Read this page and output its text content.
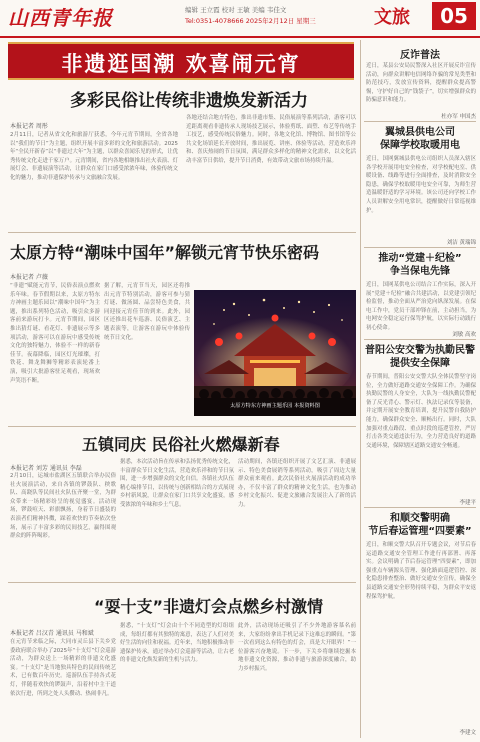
山西青年报	编辑 王立霞 校对 王敏 美编 韦佳文
Tel:0351-4078666 2025年2月12日 星期三	文旅	05
非遗逛国潮 欢喜闹元宵
多彩民俗让传统非遗焕发新活力
本报记者 周彤
2月11日，记者从省文化和旅游厅获悉，今年元宵节期间，全省各地以“我们的节日”为主题，组织开展丰富多彩的文化和旅游活动。2025年“全民开新春”以“非遗过大年”为主题，以群众喜闻乐见的形式，让优秀传统文化走进千家万户。元宵期间，省内各地相继推出社火表演、灯展灯会、非遗展演等活动，让群众在家门口感受浓浓年味，体验传统文化的魅力，推动非遗保护传承与文旅融合发展。
各地还结合地方特色，推出非遗市集、民俗展演等系列活动，游客可以近距离观看非遗传承人现场技艺展示，体验剪纸、面塑、布艺等传统手工技艺，感受传统民俗魅力。同时，各地文化馆、博物馆、图书馆等公共文化场馆延长开放时间，推出展览、讲座、体验等活动，营造欢乐祥和、喜庆热闹的节日氛围，满足群众多样化的精神文化需求，以文化活动丰富节日供给，提升节日消费，有效带动文旅市场持续升温。
太原方特“潮味中国年”解锁元宵节快乐密码
本报记者 卢薇
“非遗”赋能元宵节，民俗表演点燃欢乐年味。春节假期以来，太原方特东方神画主题乐园以“潮味中国年”为主题，推出系列特色活动，吸引众多游客前来游玩打卡。元宵节期间，园区推出猜灯谜、看花灯、非遗展示等多项活动，游客可以在游玩中感受传统文化的独特魅力，体验不一样的新春佳节。夜幕降临，园区灯光璀璨，打铁花、舞龙舞狮等精彩表演轮番上演，吸引大批游客驻足观看，现场欢声笑语不断。
据了解，元宵节当天，园区还将推出元宵节特别活动，游客可参与猜灯谜、做汤圆、品尝特色美食，共同迎接元宵佳节的到来。此外，园区还推出花车巡游、民俗演艺、主题表演等，让游客在游玩中体验传统节日文化。
太原方特东方神画主题乐园 本报资料图
五镇同庆 民俗社火燃爆新春
本报记者 刘芳 通讯员 李磊
2月10日，运城市盐湖区五镇联合举办民俗社火展演活动，来自各镇的锣鼓队、秧歌队、高跷队等民间社火队伍齐聚一堂，为群众带来一场精彩纷呈的视觉盛宴。活动现场，锣鼓喧天、彩旗飘扬，身着节日盛装的表演者们精神抖擞，踩着欢快的节奏依次登场，展示了丰富多彩的民间技艺，赢得围观群众的阵阵喝彩。
据悉，本次活动旨在传承和弘扬优秀传统文化，丰富群众节日文化生活，营造欢乐祥和的节日氛围，进一步增强群众的文化自信。各镇社火队伍精心编排节目，以传统与创新相结合的方式展现乡村新风貌，让群众在家门口共享文化盛宴，感受浓浓的年味和乡土气息。
活动期间，各镇还组织开展了文艺汇演、非遗展示、特色美食展销等系列活动，吸引了周边大量群众前来观看。此次民俗社火展演活动的成功举办，不仅丰富了群众的精神文化生活，也为推动乡村文化振兴、促进文旅融合发展注入了新的活力。
“耍十支”非遗灯会点燃乡村激情
本报记者 吕汉青 通讯员 马和斌
在元宵节来临之际，大同市灵丘县下关乡党委政府联合举办了2025年“十支灯”灯会巡游活动，为群众送上一场精彩的非遗文化盛宴。“十支灯”是当地独具特色的民间传统艺术，已有数百年历史。巡游队伍手持各式花灯，伴随着欢快的锣鼓声，沿着村中主干道依次行进，所到之处人头攒动、热闹非凡。
据悉，“十支灯”灯会由十个不同造型的灯组组成，每组灯都有其独特的寓意，表达了人们对美好生活的向往和祝福。近年来，当地积极推动非遗保护传承，通过举办灯会巡游等活动，让古老的非遗文化焕发新的生机与活力。
此外，活动现场还吸引了不少外地游客慕名前来，大家纷纷拿出手机记录下这难忘的瞬间。“第一次看到这么有特色的灯会，真是大开眼界！”一位游客兴奋地说。下一步，下关乡将继续挖掘本地非遗文化资源，推动非遗与旅游深度融合，助力乡村振兴。
反诈普法
近日，某县公安局民警深入社区开展反诈宣传活动，向群众讲解电信网络诈骗的常见类型和防范技巧，发放宣传资料，提醒群众提高警惕，守护好自己的“钱袋子”，切实增强群众的防骗意识和能力。
杜亦军 申国杰
翼城县供电公司
保障学校取暖用电
近日，国网翼城县供电公司组织人员深入辖区各学校开展用电安全检查，对学校配电室、供暖设备、线路等进行全面排查，及时消除安全隐患，确保学校取暖用电安全可靠，为师生营造温暖舒适的学习环境。该公司还向学校工作人员讲解安全用电常识，提醒做好日常巡视维护。
刘洁 黄瑞锦
推动“党建＋纪检”
争当保电先锋
近日，国网某供电公司结合工作实际，深入开展“党建＋纪检”融合共建活动，以党建引领纪检监督，推动全面从严治党向纵深发展。在保电工作中，党员干部冲锋在前，主动担当，为电网安全稳定运行保驾护航，以实际行动践行初心使命。
刘敏 高欢
普阳公安交警为执勤民警
提供安全保障
春节期间，普阳公安交警大队全体民警坚守岗位，全力做好道路交通安全保障工作。为确保执勤民警的人身安全，大队为一线执勤民警配备了反光背心、警示灯、执法记录仪等装备，并定期开展安全教育培训，提升民警自我防护能力，确保群众安全、顺畅出行。同时，大队加强对重点路段、重点时段的巡逻管控，严厉打击各类交通违法行为，全力营造良好的道路交通环境，保障辖区道路交通安全畅通。
李建平
和顺交警明确
节后春运管理“四要素”
近日，和顺交警大队召开专题会议，对节后春运道路交通安全管理工作进行再部署、再落实。会议明确了节后春运管理“四要素”，即加强重点车辆源头管理、强化路面巡逻管控、深化隐患排查整治、做好交通安全宣传，确保全县道路交通安全形势持续平稳，为群众平安返程保驾护航。
李建文
